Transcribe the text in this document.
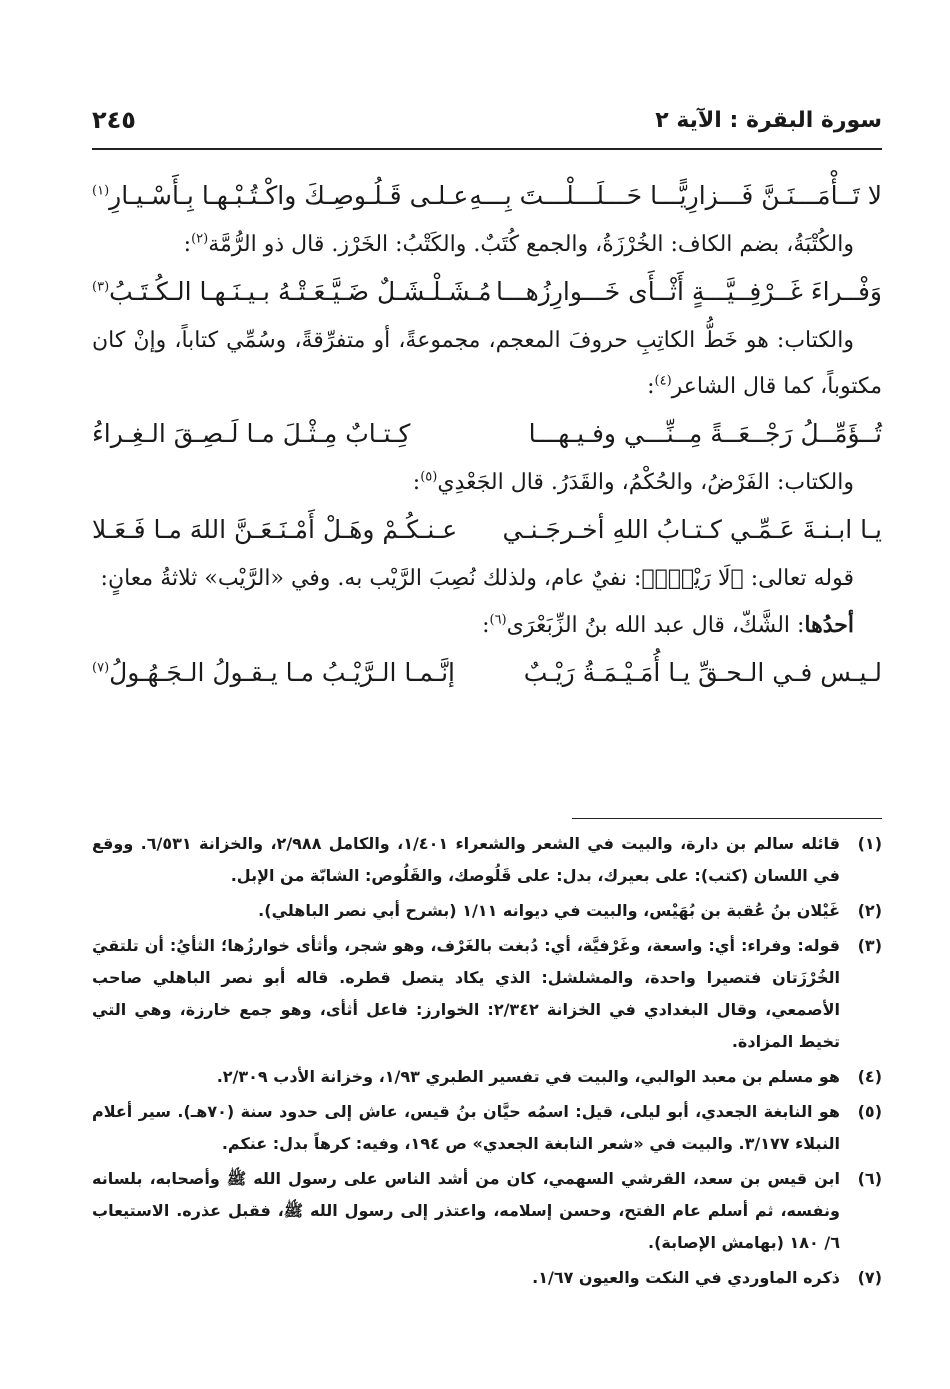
سورة البقرة : الآية ٢
٢٤٥
لا تَــأْمَـــنَـنَّ فَـــزارِيًّـــا حَـــلَـــلْـــتَ بِـــهِ
عـلـى قَـلُـوصِـكَ واكْـتُـبْـهـا بِـأَسْـيـارِ$^{(١)}$

والكُتْبَةُ، بضم الكاف: الخُرْزَةُ، والجمع كُتَبٌ. والكَتْبُ: الخَرْز. قال ذو الرُّمَّة$^{(٢)}$:

وَفْــراءَ غَــرْفِــيَّـــةٍ أَثْــأَى خَـــوارِزُهـــا
مُـشَـلْـشَـلٌ ضَـيَّـعَـتْـهُ بـيـنَـهـا الـكُـتَـبُ$^{(٣)}$

والكتاب: هو خَطُّ الكاتِبِ حروفَ المعجم، مجموعةً، أو متفرِّقةً، وسُمِّي كتاباً، وإنْ كان مكتوباً، كما قال الشاعر$^{(٤)}$:

تُــؤَمِّــلُ رَجْــعَــةً مِــنِّـــي وفـيـهـــا
كِـتـابٌ مِـثْـلَ مـا لَـصِـقَ الـغِـراءُ

والكتاب: الفَرْضُ، والحُكْمُ، والقَدَرُ. قال الجَعْدِي$^{(٥)}$:

يـا ابـنـةَ عَـمِّـي كـتـابُ اللهِ أخـرجَـنـي
عـنـكُـمْ وهَـلْ أَمْـنَـعَـنَّ اللهَ مـا فَـعَـلا

قوله تعالى: ﴿لَا رَيْبَۛ﴾: نفيٌ عام، ولذلك نُصِبَ الرَّيْب به. وفي «الرَّيْب» ثلاثةُ معانٍ:

أحدُها: الشَّكّ، قال عبد الله بنُ الزِّبَعْرَى$^{(٦)}$:

لـيـس فـي الـحـقِّ يـا أُمَـيْـمَـةُ رَيْـبٌ
إنَّـمـا الـرَّيْـبُ مـا يـقـولُ الـجَـهُـولُ$^{(٧)}$
(١)
قائله سالم بن دارة، والبيت في الشعر والشعراء ١/٤٠١، والكامل ٢/٩٨٨، والخزانة ٦/٥٣١. ووقع في اللسان (كتب): على بعيرك، بدل: على قَلُوصك، والقَلُوص: الشابّة من الإبل.
(٢)
غَيْلان بنُ عُقبة بن بُهَيْس، والبيت في ديوانه ١/١١ (بشرح أبي نصر الباهلي).
(٣)
قوله: وفراء: أي: واسعة، وغَرْفيَّة، أي: دُبغت بالغَرْف، وهو شجر، وأثأى خوارزُها؛ الثأيُ: أن تلتقيَ الخُرْزَتان فتصيرا واحدة، والمشلشل: الذي يكاد يتصل قطره. قاله أبو نصر الباهلي صاحب الأصمعي، وقال البغدادي في الخزانة ٢/٣٤٢: الخوارز: فاعل أثأى، وهو جمع خارزة، وهي التي تخيط المزادة.
(٤)
هو مسلم بن معبد الوالبي، والبيت في تفسير الطبري ١/٩٣، وخزانة الأدب ٢/٣٠٩.
(٥)
هو النابغة الجعدي، أبو ليلى، قيل: اسمُه حيَّان بنُ قيس، عاش إلى حدود سنة (٧٠هـ). سير أعلام النبلاء ٣/١٧٧. والبيت في «شعر النابغة الجعدي» ص ١٩٤، وفيه: كرهاً بدل: عنكم.
(٦)
ابن قيس بن سعد، القرشي السهمي، كان من أشد الناس على رسول الله ﷺ وأصحابه، بلسانه ونفسه، ثم أسلم عام الفتح، وحسن إسلامه، واعتذر إلى رسول الله ﷺ، فقبل عذره. الاستيعاب ٦/ ١٨٠ (بهامش الإصابة).
(٧)
ذكره الماوردي في النكت والعيون ١/٦٧.
